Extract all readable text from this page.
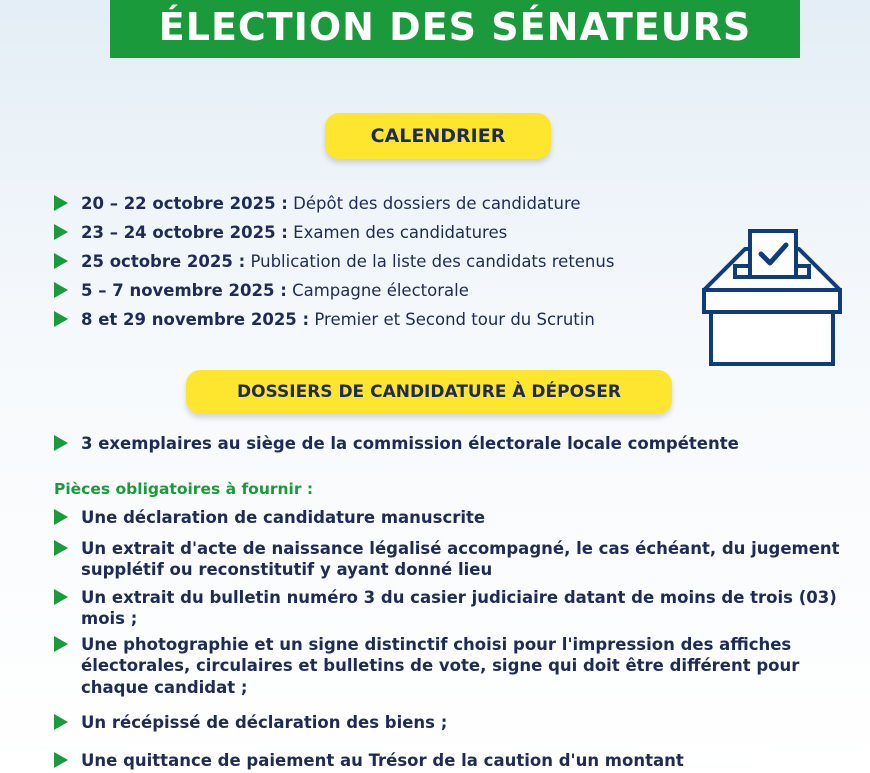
ÉLECTION DES SÉNATEURS
CALENDRIER
20 – 22 octobre 2025 : Dépôt des dossiers de candidature
23 – 24 octobre 2025 : Examen des candidatures
25 octobre 2025 : Publication de la liste des candidats retenus
5 – 7 novembre 2025 : Campagne électorale
8 et 29 novembre 2025 : Premier et Second tour du Scrutin
DOSSIERS DE CANDIDATURE À DÉPOSER
3 exemplaires au siège de la commission électorale locale compétente
Pièces obligatoires à fournir :
Une déclaration de candidature manuscrite
Un extrait d'acte de naissance légalisé accompagné, le cas échéant, du jugement supplétif ou reconstitutif y ayant donné lieu
Un extrait du bulletin numéro 3 du casier judiciaire datant de moins de trois (03) mois ;
Une photographie et un signe distinctif choisi pour l'impression des affiches électorales, circulaires et bulletins de vote, signe qui doit être différent pour chaque candidat ;
Un récépissé de déclaration des biens ;
Une quittance de paiement au Trésor de la caution d'un montant
